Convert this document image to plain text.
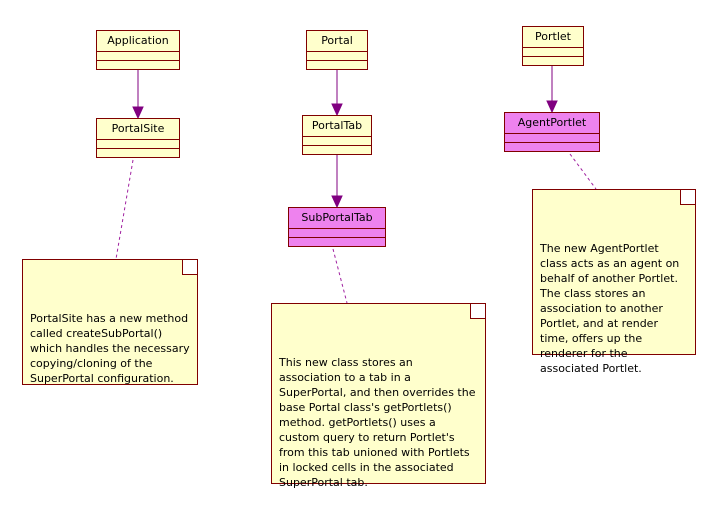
Application
PortalSite
Portal
PortalTab
SubPortalTab
Portlet
AgentPortlet

PortalSite has a new method called createSubPortal() which handles the necessary copying/cloning of the SuperPortal configuration.

This new class stores an association to a tab in a SuperPortal, and then overrides the base Portal class's getPortlets() method. getPortlets() uses a custom query to return Portlet's from this tab unioned with Portlets in locked cells in the associated SuperPortal tab.

The new AgentPortlet class acts as an agent on behalf of another Portlet. The class stores an association to another Portlet, and at render time, offers up the renderer for the associated Portlet.
